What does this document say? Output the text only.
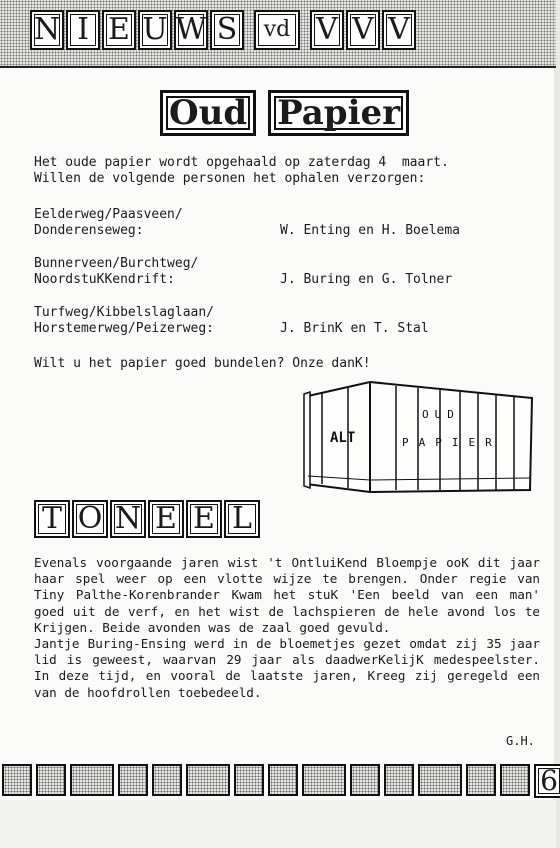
N I E U W S	vd V V V
Oud Papier
Het oude papier wordt opgehaald op zaterdag 4  maart.
Willen de volgende personen het ophalen verzorgen:
Eelderweg/Paasveen/
Donderenseweg:	W. Enting en H. Boelema
Bunnerveen/Burchtweg/
NoordstuKKendrift:	J. Buring en G. Tolner
Turfweg/Kibbelslaglaan/
Horstemerweg/Peizerweg:	J. BrinK en T. Stal
Wilt u het papier goed bundelen? Onze danK!
ALT
OUD
PAPIER
T O N E E L

Evenals voorgaande jaren wist 't OntluiKend Bloempje ooK dit jaar haar spel weer op een vlotte wijze te brengen. Onder regie van Tiny Palthe-Korenbrander Kwam het stuK 'Een beeld van een man' goed uit de verf, en het wist de lachspieren de hele avond los te Krijgen. Beide avonden was de zaal goed gevuld.

Jantje Buring-Ensing werd in de bloemetjes gezet omdat zij 35 jaar lid is geweest, waarvan 29 jaar als daadwerKelijK medespeelster. In deze tijd, en vooral de laatste jaren, Kreeg zij geregeld een van de hoofdrollen toebedeeld.

G.H.
6
